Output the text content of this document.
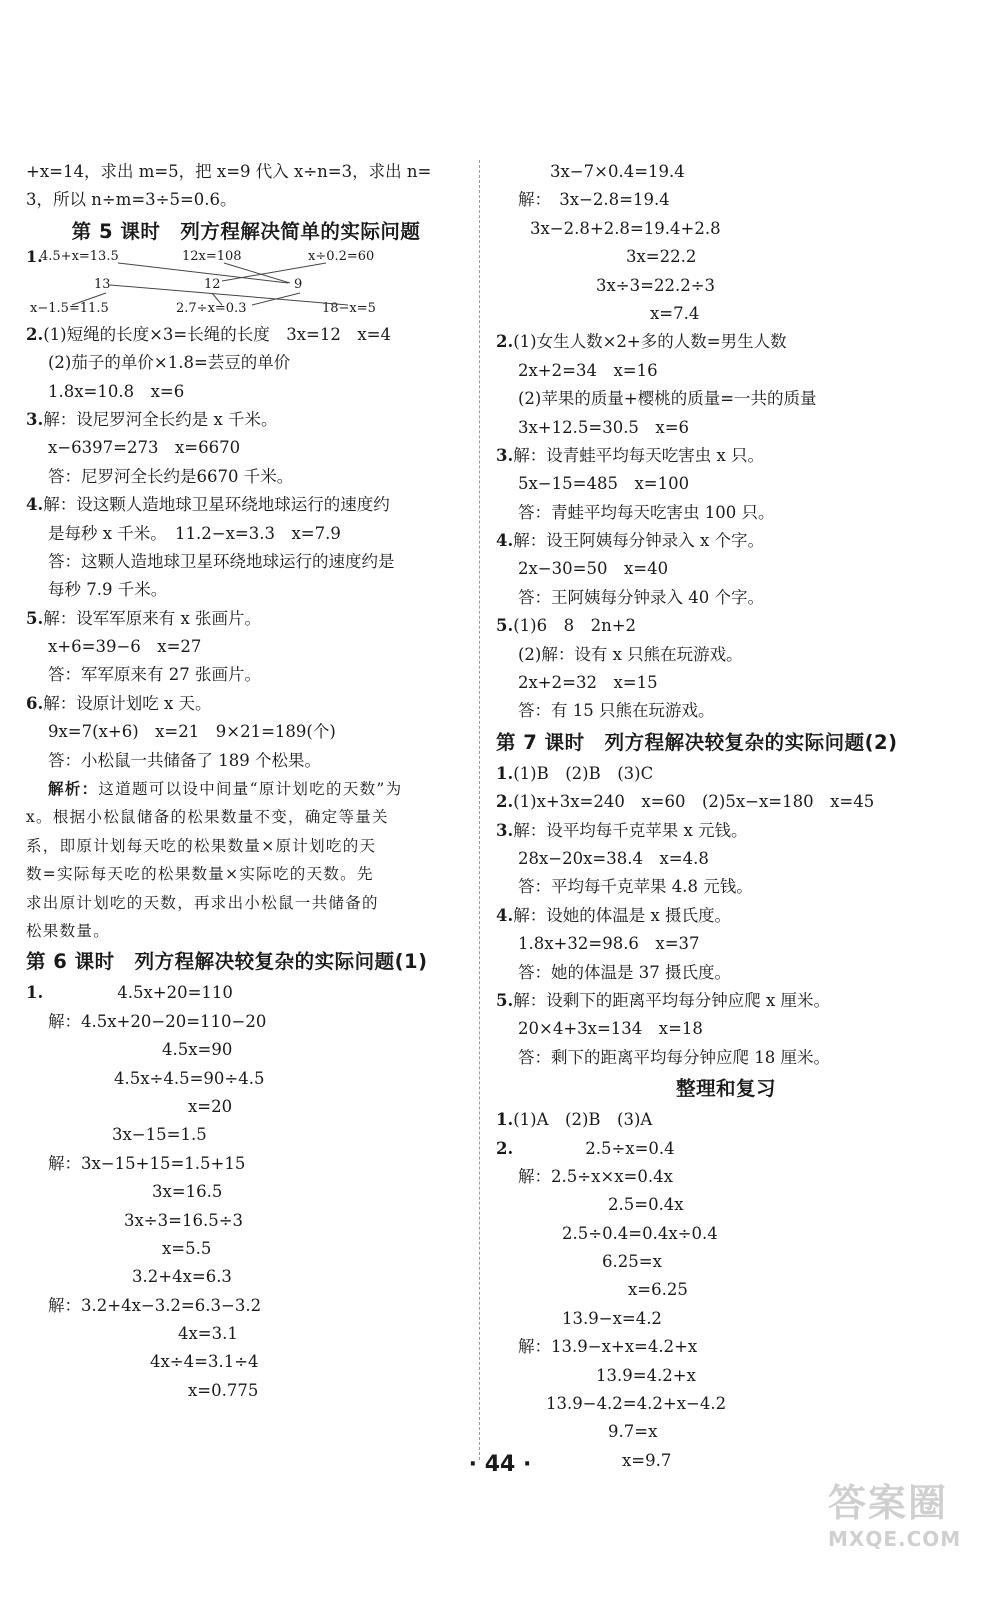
+x=14，求出 m=5，把 x=9 代入 x÷n=3，求出 n=
3，所以 n÷m=3÷5=0.6。
第 5 课时　列方程解决简单的实际问题
1.
4.5+x=13.5	12x=108	x÷0.2=60
13	12	9
x−1.5=11.5	2.7÷x=0.3	18−x=5
2.(1)短绳的长度×3=长绳的长度　3x=12　x=4
(2)茄子的单价×1.8=芸豆的单价
1.8x=10.8　x=6
3.解：设尼罗河全长约是 x 千米。
x−6397=273　x=6670
答：尼罗河全长约是6670 千米。
4.解：设这颗人造地球卫星环绕地球运行的速度约
是每秒 x 千米。　11.2−x=3.3　x=7.9
答：这颗人造地球卫星环绕地球运行的速度约是
每秒 7.9 千米。
5.解：设军军原来有 x 张画片。
x+6=39−6　x=27
答：军军原来有 27 张画片。
6.解：设原计划吃 x 天。
9x=7(x+6)　x=21　9×21=189(个)
答：小松鼠一共储备了 189 个松果。
解析：这道题可以设中间量“原计划吃的天数”为
x。根据小松鼠储备的松果数量不变，确定等量关
系，即原计划每天吃的松果数量×原计划吃的天
数=实际每天吃的松果数量×实际吃的天数。先
求出原计划吃的天数，再求出小松鼠一共储备的
松果数量。
第 6 课时　列方程解决较复杂的实际问题(1)
1.	4.5x+20=110
解：4.5x+20−20=110−20
4.5x=90
4.5x÷4.5=90÷4.5
x=20
3x−15=1.5
解：3x−15+15=1.5+15
3x=16.5
3x÷3=16.5÷3
x=5.5
3.2+4x=6.3
解：3.2+4x−3.2=6.3−3.2
4x=3.1
4x÷4=3.1÷4
x=0.775
3x−7×0.4=19.4
解：　3x−2.8=19.4
3x−2.8+2.8=19.4+2.8
3x=22.2
3x÷3=22.2÷3
x=7.4
2.(1)女生人数×2+多的人数=男生人数
2x+2=34　x=16
(2)苹果的质量+樱桃的质量=一共的质量
3x+12.5=30.5　x=6
3.解：设青蛙平均每天吃害虫 x 只。
5x−15=485　x=100
答：青蛙平均每天吃害虫 100 只。
4.解：设王阿姨每分钟录入 x 个字。
2x−30=50　x=40
答：王阿姨每分钟录入 40 个字。
5.(1)6　8　2n+2
(2)解：设有 x 只熊在玩游戏。
2x+2=32　x=15
答：有 15 只熊在玩游戏。
第 7 课时　列方程解决较复杂的实际问题(2)
1.(1)B　(2)B　(3)C
2.(1)x+3x=240　x=60　(2)5x−x=180　x=45
3.解：设平均每千克苹果 x 元钱。
28x−20x=38.4　x=4.8
答：平均每千克苹果 4.8 元钱。
4.解：设她的体温是 x 摄氏度。
1.8x+32=98.6　x=37
答：她的体温是 37 摄氏度。
5.解：设剩下的距离平均每分钟应爬 x 厘米。
20×4+3x=134　x=18
答：剩下的距离平均每分钟应爬 18 厘米。
整理和复习
1.(1)A　(2)B　(3)A
2.	2.5÷x=0.4
解：2.5÷x×x=0.4x
2.5=0.4x
2.5÷0.4=0.4x÷0.4
6.25=x
x=6.25
13.9−x=4.2
解：13.9−x+x=4.2+x
13.9=4.2+x
13.9−4.2=4.2+x−4.2
9.7=x
x=9.7
· 44 ·
答案圈
MXQE.COM
